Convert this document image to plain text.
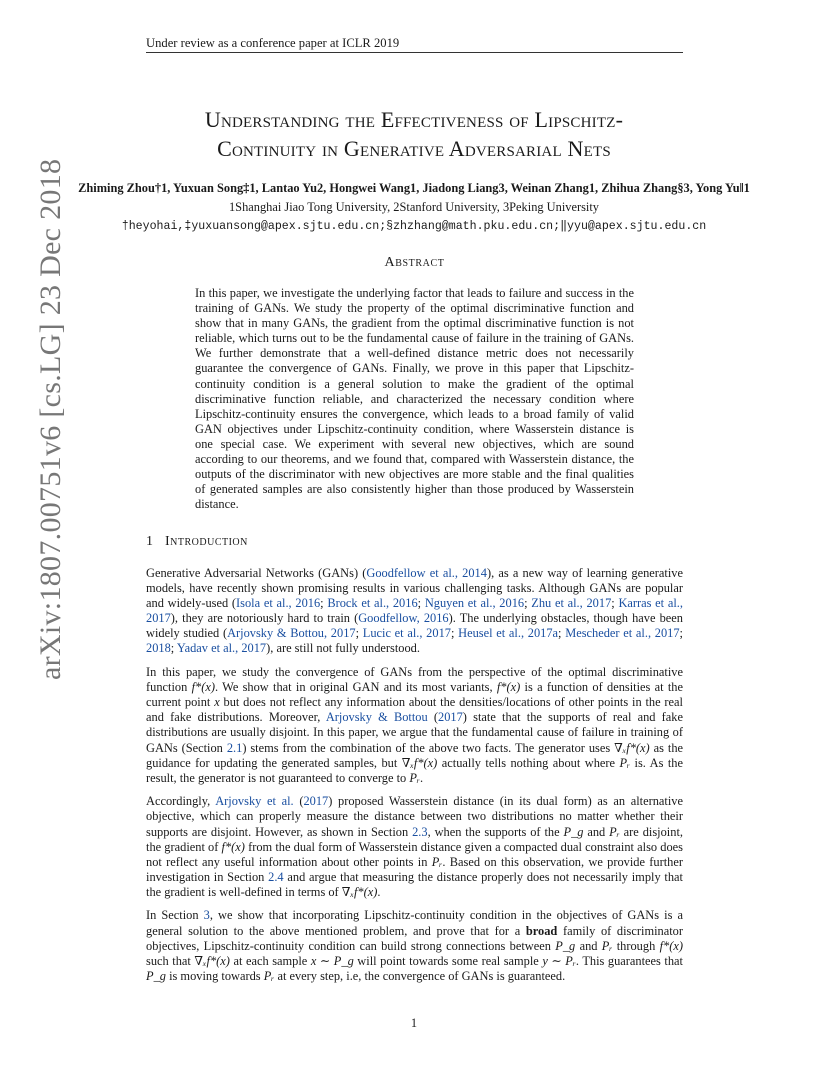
Under review as a conference paper at ICLR 2019
arXiv:1807.00751v6 [cs.LG] 23 Dec 2018
Understanding the Effectiveness of Lipschitz-
Continuity in Generative Adversarial Nets
Zhiming Zhou†1, Yuxuan Song‡1, Lantao Yu2, Hongwei Wang1, Jiadong Liang3, Weinan Zhang1, Zhihua Zhang§3, Yong Yu‖1
1Shanghai Jiao Tong University, 2Stanford University, 3Peking University
†heyohai,‡yuxuansong@apex.sjtu.edu.cn;§zhzhang@math.pku.edu.cn;‖yyu@apex.sjtu.edu.cn
Abstract
In this paper, we investigate the underlying factor that leads to failure and success in the training of GANs. We study the property of the optimal discriminative function and show that in many GANs, the gradient from the optimal discriminative function is not reliable, which turns out to be the fundamental cause of failure in the training of GANs. We further demonstrate that a well-defined distance metric does not necessarily guarantee the convergence of GANs. Finally, we prove in this paper that Lipschitz-continuity condition is a general solution to make the gradient of the optimal discriminative function reliable, and characterized the necessary condition where Lipschitz-continuity ensures the convergence, which leads to a broad family of valid GAN objectives under Lipschitz-continuity condition, where Wasserstein distance is one special case. We experiment with several new objectives, which are sound according to our theorems, and we found that, compared with Wasserstein distance, the outputs of the discriminator with new objectives are more stable and the final qualities of generated samples are also consistently higher than those produced by Wasserstein distance.
1 Introduction

Generative Adversarial Networks (GANs) (Goodfellow et al., 2014), as a new way of learning generative models, have recently shown promising results in various challenging tasks. Although GANs are popular and widely-used (Isola et al., 2016; Brock et al., 2016; Nguyen et al., 2016; Zhu et al., 2017; Karras et al., 2017), they are notoriously hard to train (Goodfellow, 2016). The underlying obstacles, though have been widely studied (Arjovsky & Bottou, 2017; Lucic et al., 2017; Heusel et al., 2017a; Mescheder et al., 2017; 2018; Yadav et al., 2017), are still not fully understood.

In this paper, we study the convergence of GANs from the perspective of the optimal discriminative function f*(x). We show that in original GAN and its most variants, f*(x) is a function of densities at the current point x but does not reflect any information about the densities/locations of other points in the real and fake distributions. Moreover, Arjovsky & Bottou (2017) state that the supports of real and fake distributions are usually disjoint. In this paper, we argue that the fundamental cause of failure in training of GANs (Section 2.1) stems from the combination of the above two facts. The generator uses ∇ₓf*(x) as the guidance for updating the generated samples, but ∇ₓf*(x) actually tells nothing about where Pᵣ is. As the result, the generator is not guaranteed to converge to Pᵣ.

Accordingly, Arjovsky et al. (2017) proposed Wasserstein distance (in its dual form) as an alternative objective, which can properly measure the distance between two distributions no matter whether their supports are disjoint. However, as shown in Section 2.3, when the supports of the P_g and Pᵣ are disjoint, the gradient of f*(x) from the dual form of Wasserstein distance given a compacted dual constraint also does not reflect any useful information about other points in Pᵣ. Based on this observation, we provide further investigation in Section 2.4 and argue that measuring the distance properly does not necessarily imply that the gradient is well-defined in terms of ∇ₓf*(x).

In Section 3, we show that incorporating Lipschitz-continuity condition in the objectives of GANs is a general solution to the above mentioned problem, and prove that for a broad family of discriminator objectives, Lipschitz-continuity condition can build strong connections between P_g and Pᵣ through f*(x) such that ∇ₓf*(x) at each sample x ∼ P_g will point towards some real sample y ∼ Pᵣ. This guarantees that P_g is moving towards Pᵣ at every step, i.e, the convergence of GANs is guaranteed.

1
